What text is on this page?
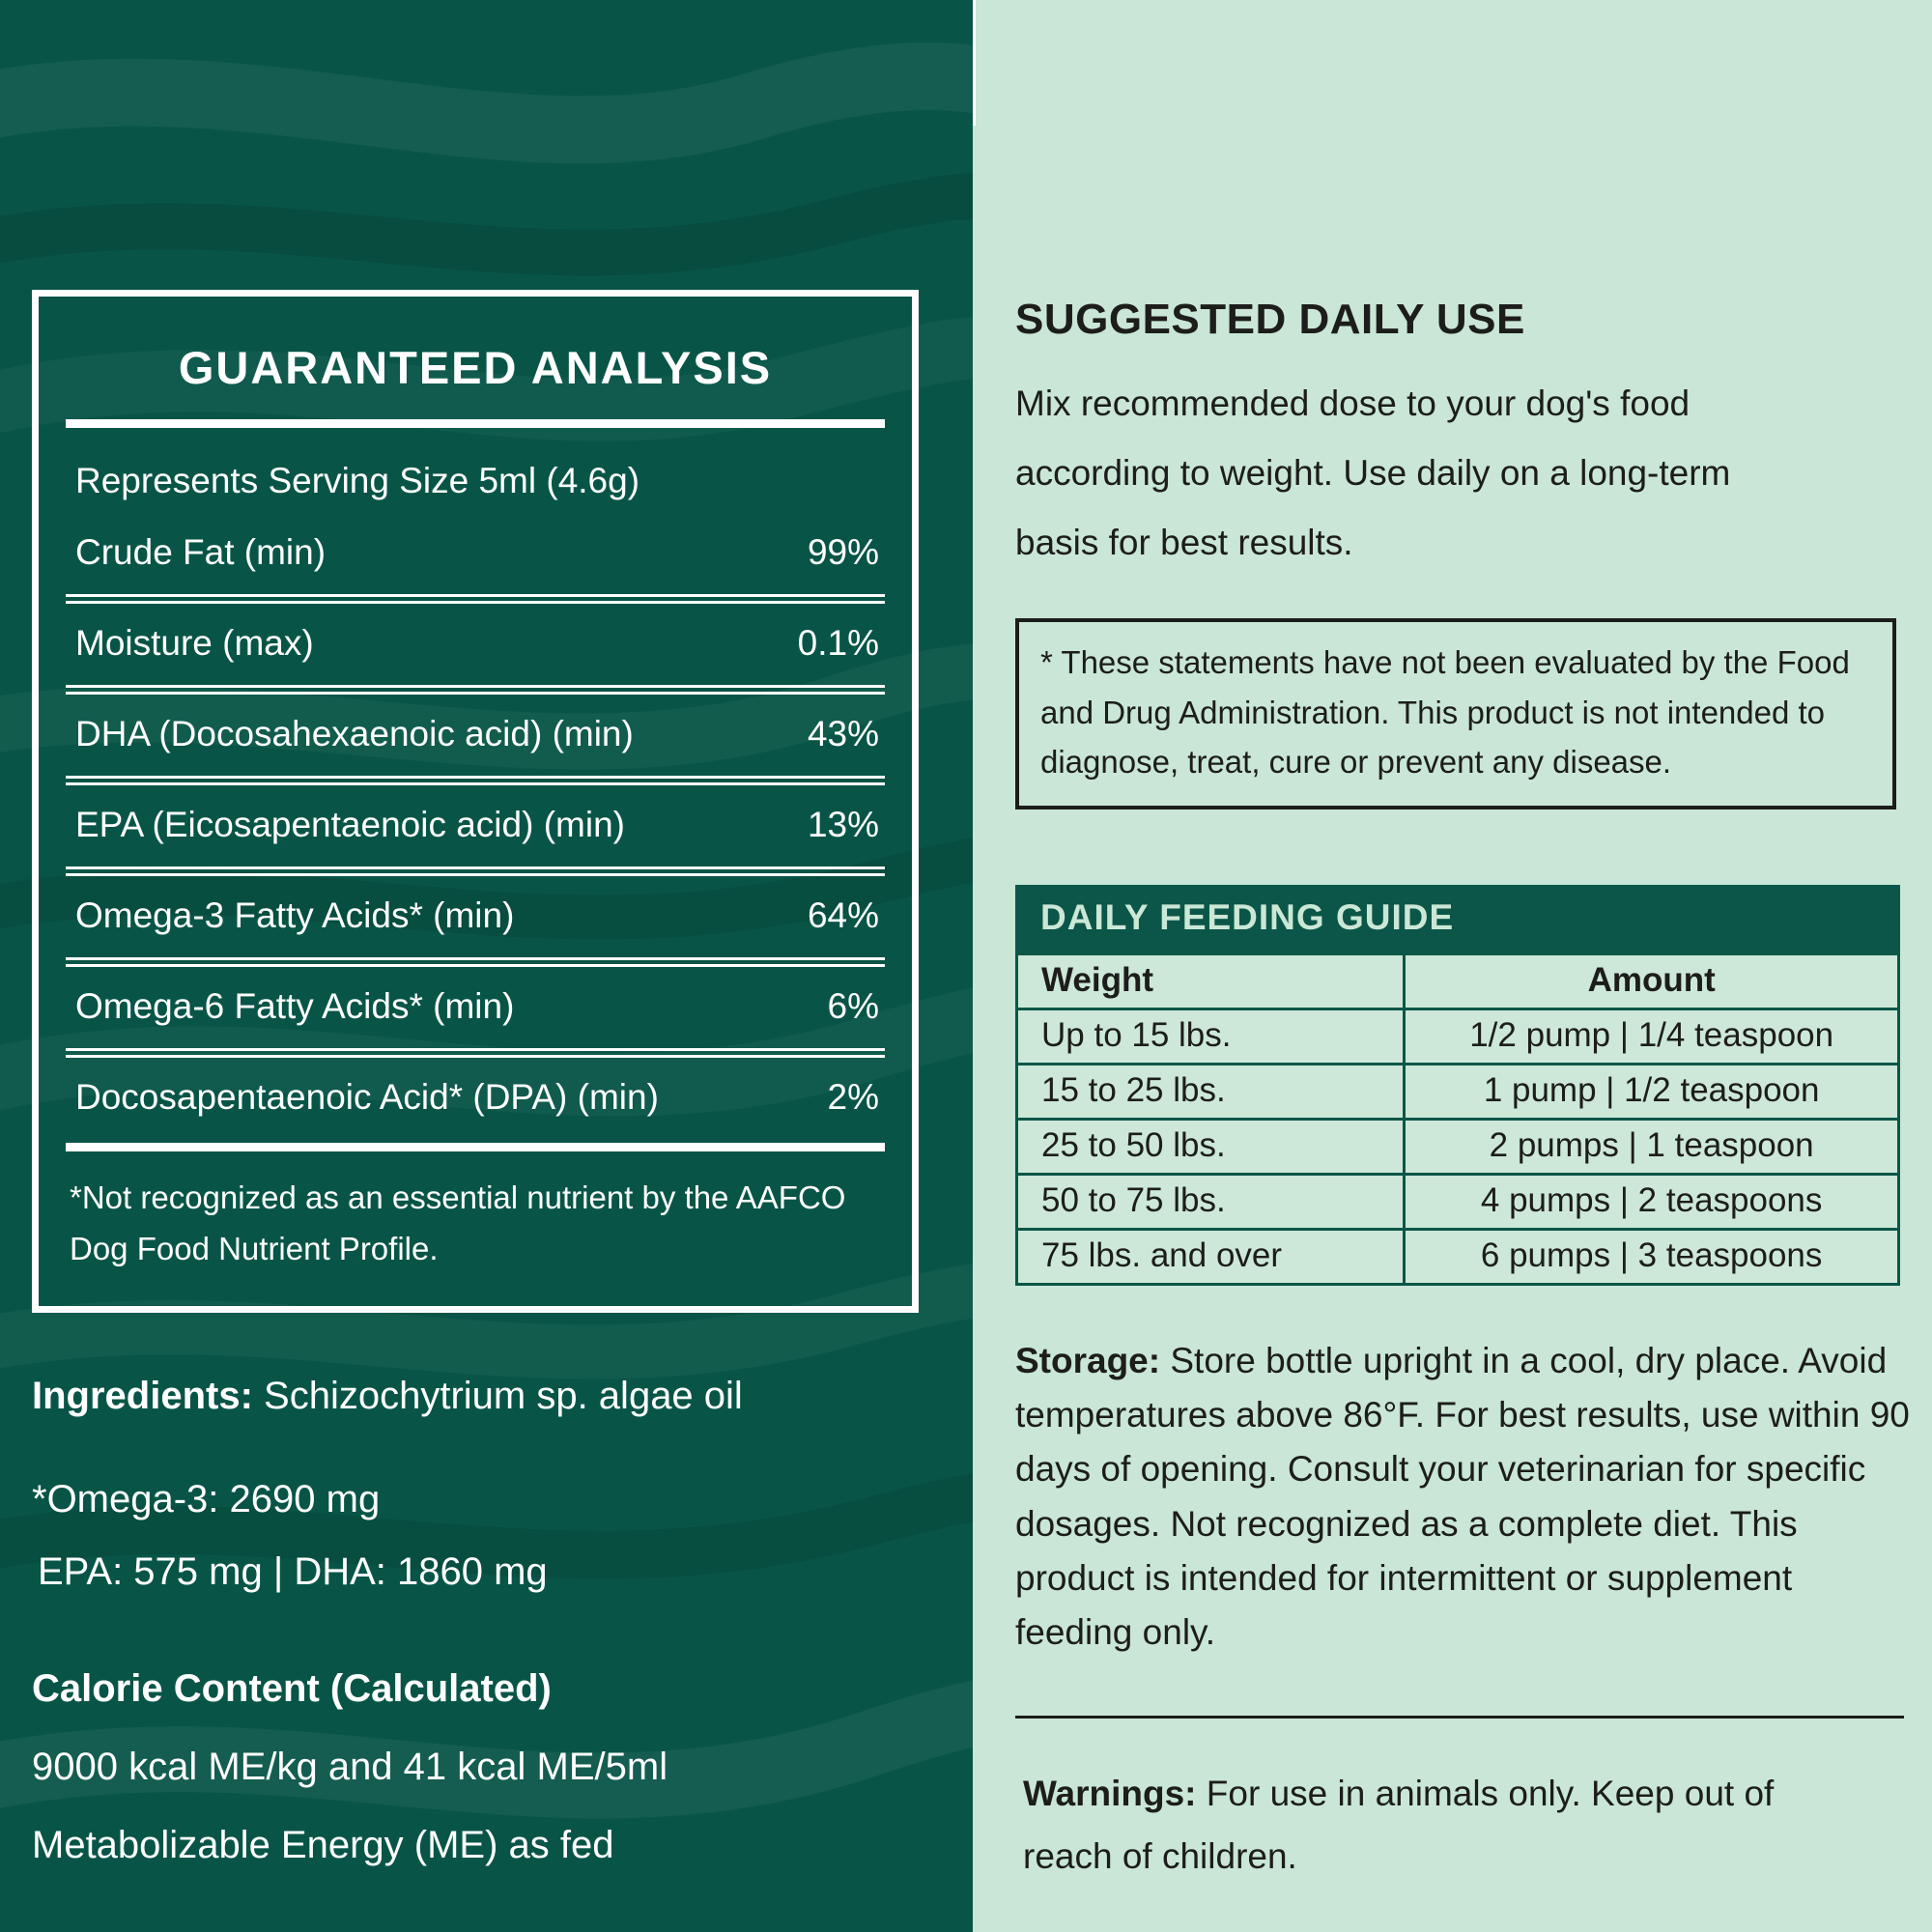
GUARANTEED ANALYSIS
Represents Serving Size 5ml (4.6g)
Crude Fat (min)	99%
Moisture (max)	0.1%
DHA (Docosahexaenoic acid) (min)	43%
EPA (Eicosapentaenoic acid) (min)	13%
Omega-3 Fatty Acids* (min)	64%
Omega-6 Fatty Acids* (min)	6%
Docosapentaenoic Acid* (DPA) (min)	2%
*Not recognized as an essential nutrient by the AAFCO Dog Food Nutrient Profile.

Ingredients: Schizochytrium sp. algae oil

*Omega-3: 2690 mg

EPA: 575 mg | DHA: 1860 mg

Calorie Content (Calculated)

9000 kcal ME/kg and 41 kcal ME/5ml

Metabolizable Energy (ME) as fed

SUGGESTED DAILY USE

Mix recommended dose to your dog's food according to weight. Use daily on a long-term basis for best results.

* These statements have not been evaluated by the Food and Drug Administration. This product is not intended to diagnose, treat, cure or prevent any disease.
DAILY FEEDING GUIDE
Weight	Amount
Up to 15 lbs.	1/2 pump | 1/4 teaspoon
15 to 25 lbs.	1 pump | 1/2 teaspoon
25 to 50 lbs.	2 pumps | 1 teaspoon
50 to 75 lbs.	4 pumps | 2 teaspoons
75 lbs. and over	6 pumps | 3 teaspoons

Storage: Store bottle upright in a cool, dry place. Avoid temperatures above 86°F. For best results, use within 90 days of opening. Consult your veterinarian for specific dosages. Not recognized as a complete diet. This product is intended for intermittent or supplement feeding only.

Warnings: For use in animals only. Keep out of reach of children.
